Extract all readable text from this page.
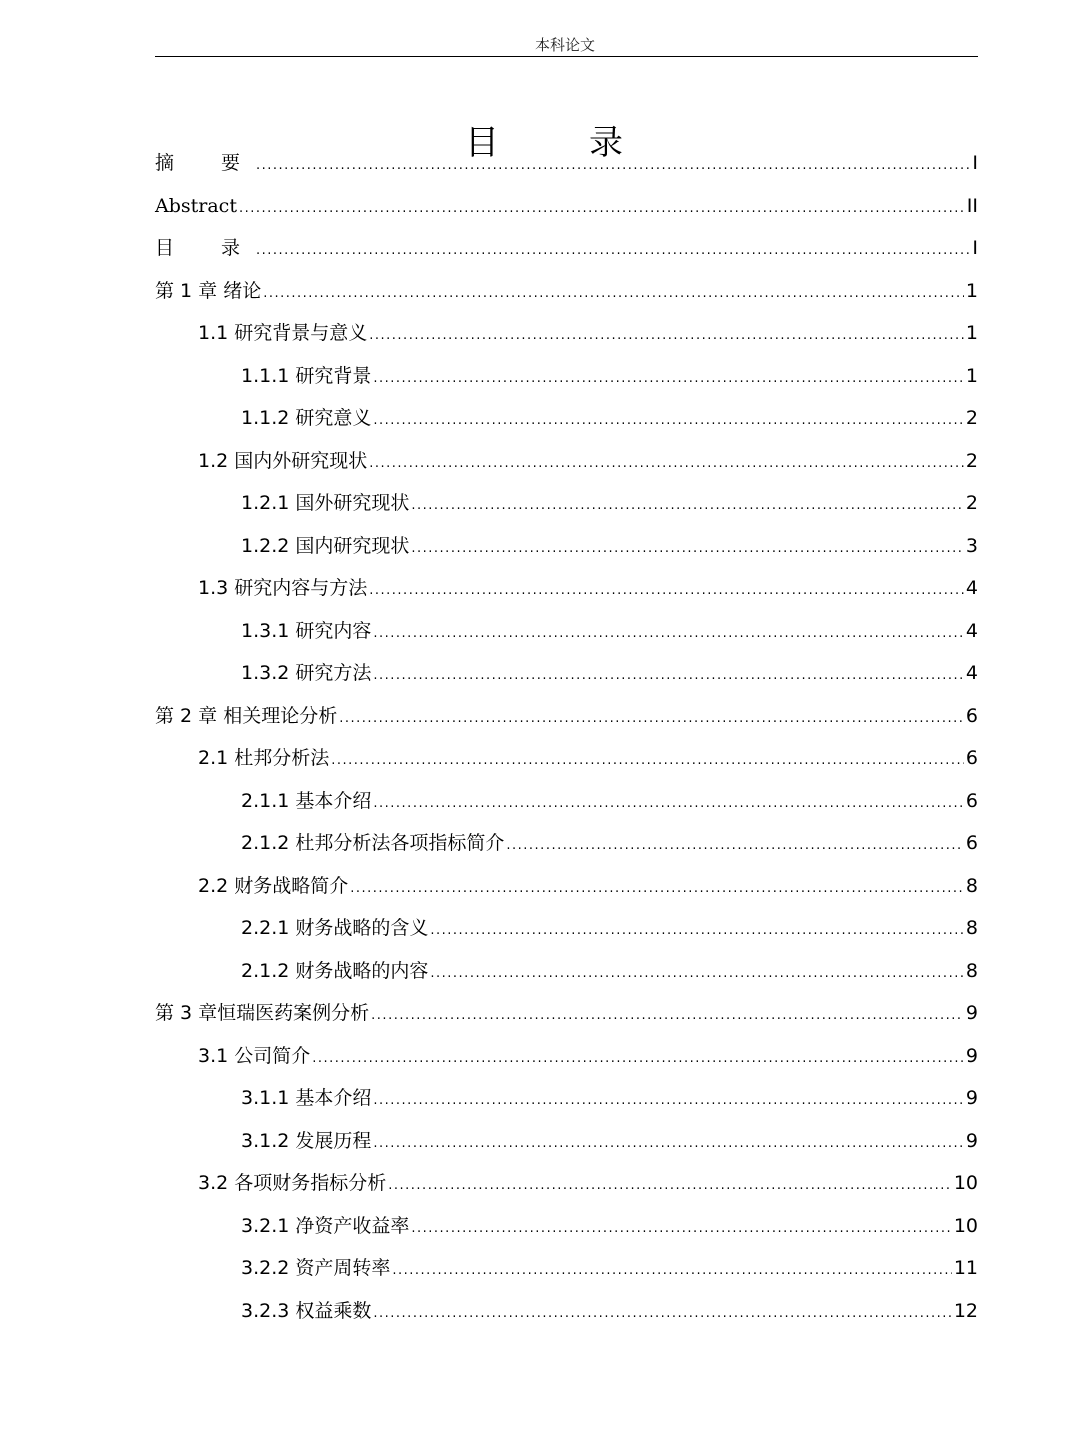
本科论文
目　录
摘　要 .....	I
Abstract .....	II
目　录 .....	I
第 1 章 绪论 .....	1
1.1 研究背景与意义 .....	1
1.1.1 研究背景 .....	1
1.1.2 研究意义 .....	2
1.2 国内外研究现状 .....	2
1.2.1 国外研究现状 .....	2
1.2.2 国内研究现状 .....	3
1.3 研究内容与方法 .....	4
1.3.1 研究内容 .....	4
1.3.2 研究方法 .....	4
第 2 章 相关理论分析 .....	6
2.1 杜邦分析法 .....	6
2.1.1 基本介绍 .....	6
2.1.2 杜邦分析法各项指标简介 .....	6
2.2 财务战略简介 .....	8
2.2.1 财务战略的含义 .....	8
2.1.2 财务战略的内容 .....	8
第 3 章恒瑞医药案例分析 .....	9
3.1 公司简介 .....	9
3.1.1 基本介绍 .....	9
3.1.2 发展历程 .....	9
3.2 各项财务指标分析 .....	10
3.2.1 净资产收益率 .....	10
3.2.2 资产周转率 .....	11
3.2.3 权益乘数 .....	12
